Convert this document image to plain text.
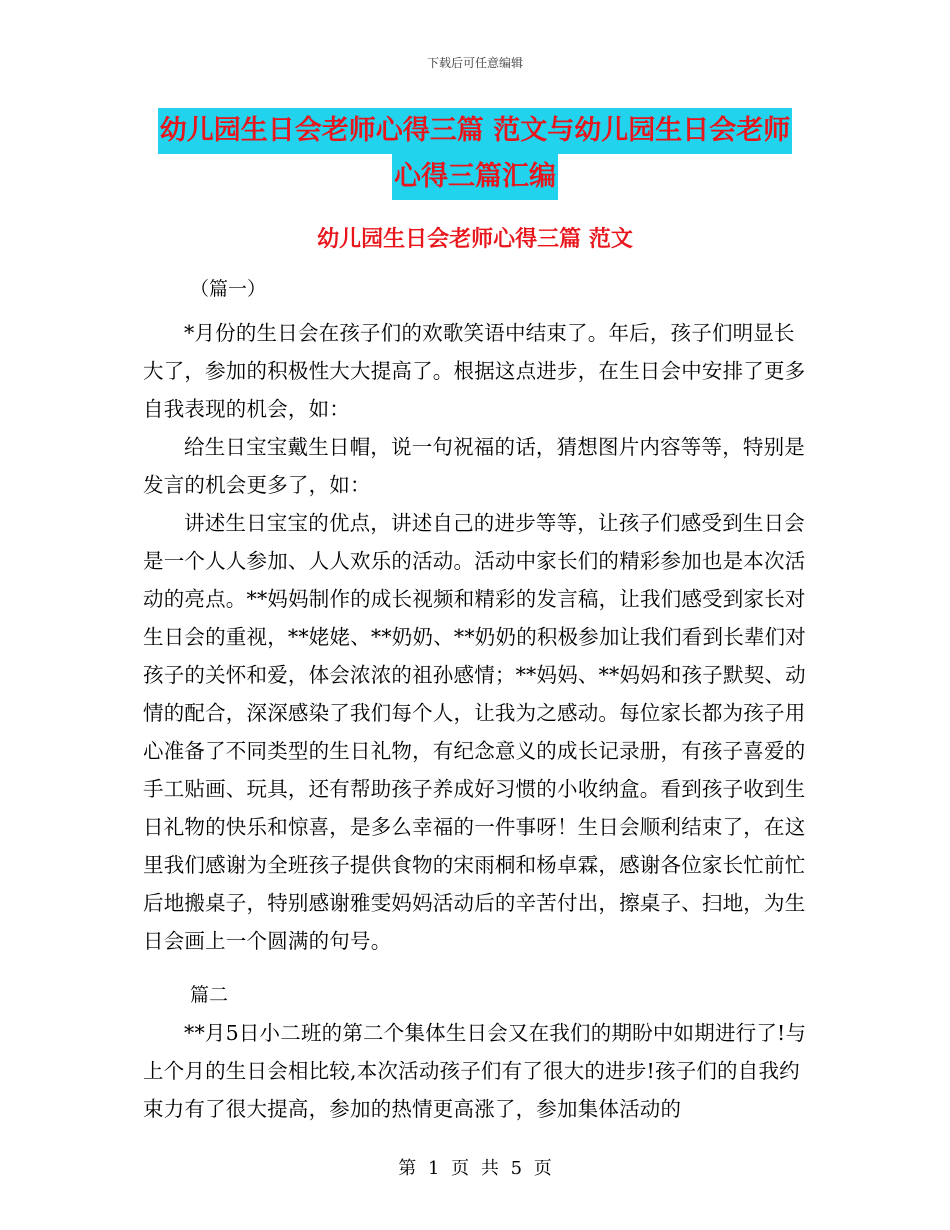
下载后可任意编辑
幼儿园生日会老师心得三篇 范文与幼儿园生日会老师
心得三篇汇编
幼儿园生日会老师心得三篇 范文
（篇一）

*月份的生日会在孩子们的欢歌笑语中结束了。年后，孩子们明显长大了，参加的积极性大大提高了。根据这点进步，在生日会中安排了更多自我表现的机会，如：

给生日宝宝戴生日帽，说一句祝福的话，猜想图片内容等等，特别是发言的机会更多了，如：

讲述生日宝宝的优点，讲述自己的进步等等，让孩子们感受到生日会是一个人人参加、人人欢乐的活动。活动中家长们的精彩参加也是本次活动的亮点。**妈妈制作的成长视频和精彩的发言稿，让我们感受到家长对生日会的重视，**姥姥、**奶奶、**奶奶的积极参加让我们看到长辈们对孩子的关怀和爱，体会浓浓的祖孙感情；**妈妈、**妈妈和孩子默契、动情的配合，深深感染了我们每个人，让我为之感动。每位家长都为孩子用心准备了不同类型的生日礼物，有纪念意义的成长记录册，有孩子喜爱的手工贴画、玩具，还有帮助孩子养成好习惯的小收纳盒。看到孩子收到生日礼物的快乐和惊喜，是多么幸福的一件事呀！生日会顺利结束了，在这里我们感谢为全班孩子提供食物的宋雨桐和杨卓霖，感谢各位家长忙前忙后地搬桌子，特别感谢雅雯妈妈活动后的辛苦付出，擦桌子、扫地，为生日会画上一个圆满的句号。

篇二

**月5日小二班的第二个集体生日会又在我们的期盼中如期进行了!与上个月的生日会相比较,本次活动孩子们有了很大的进步!孩子们的自我约束力有了很大提高，参加的热情更高涨了，参加集体活动的

第 1 页 共 5 页
